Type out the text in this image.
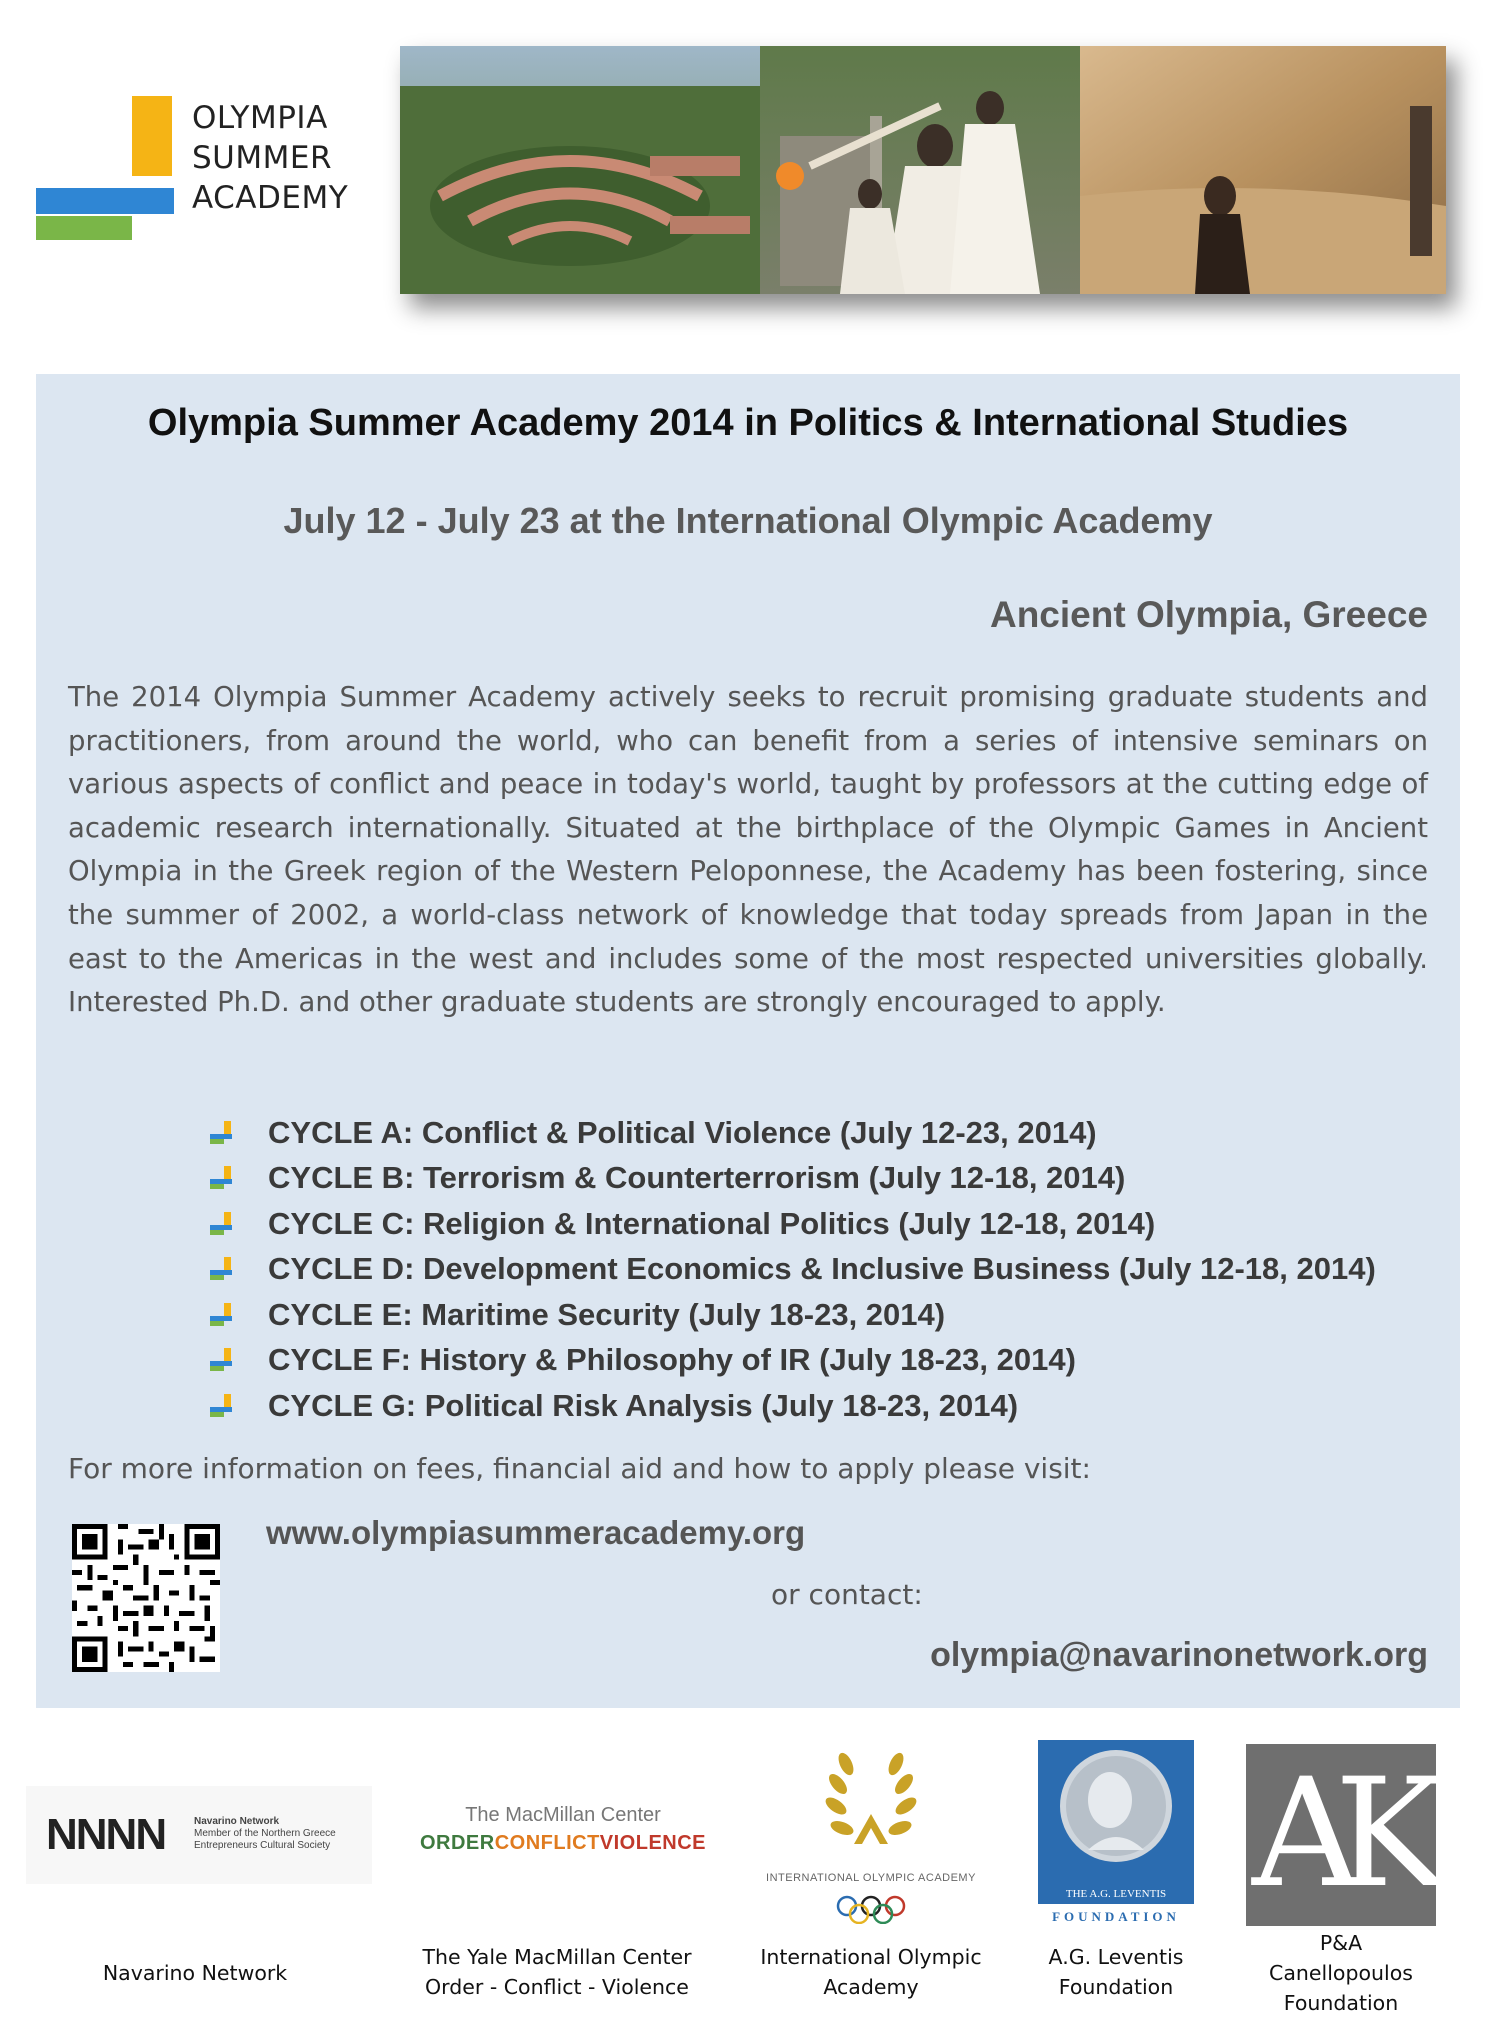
OLYMPIA
SUMMER
ACADEMY
Olympia Summer Academy 2014 in Politics & International Studies
July 12 - July 23 at the International Olympic Academy
Ancient Olympia, Greece
The 2014 Olympia Summer Academy actively seeks to recruit promising graduate students and practitioners, from around the world, who can benefit from a series of intensive seminars on various aspects of conflict and peace in today's world, taught by professors at the cutting edge of academic research internationally. Situated at the birthplace of the Olympic Games in Ancient Olympia in the Greek region of the Western Peloponnese, the Academy has been fostering, since the summer of 2002, a world-class network of knowledge that today spreads from Japan in the east to the Americas in the west and includes some of the most respected universities globally. Interested Ph.D. and other graduate students are strongly encouraged to apply.
CYCLE A: Conflict & Political Violence (July 12-23, 2014)
CYCLE B: Terrorism & Counterterrorism (July 12-18, 2014)
CYCLE C: Religion & International Politics (July 12-18, 2014)
CYCLE D: Development Economics & Inclusive Business (July 12-18, 2014)
CYCLE E: Maritime Security (July 18-23, 2014)
CYCLE F: History & Philosophy of IR (July 18-23, 2014)
CYCLE G: Political Risk Analysis (July 18-23, 2014)
For more information on fees, financial aid and how to apply please visit:
www.olympiasummeracademy.org
or contact:
olympia@navarinonetwork.org
NNNN	Navarino Network
Member of the Northern Greece
Entrepreneurs Cultural Society
Navarino Network
The MacMillan Center
ORDERCONFLICTVIOLENCE
The Yale MacMillan Center
Order - Conflict - Violence
INTERNATIONAL OLYMPIC ACADEMY
International Olympic
Academy
THE A.G. LEVENTIS
FOUNDATION
A.G. Leventis
Foundation
AK
P&A
Canellopoulos
Foundation
